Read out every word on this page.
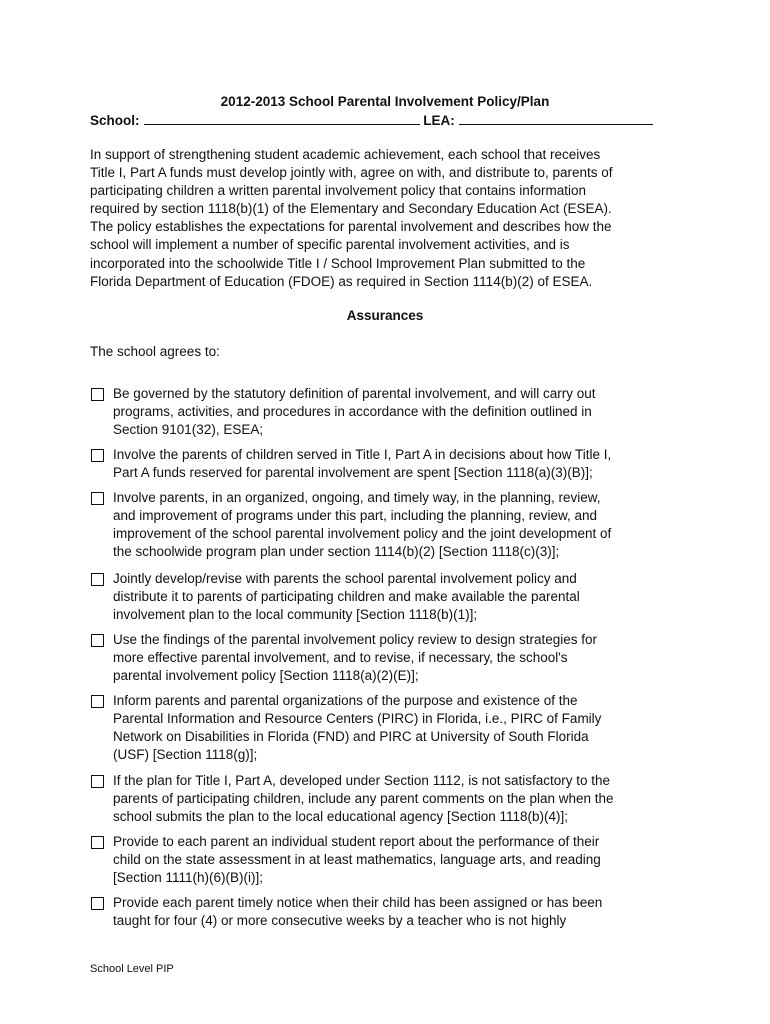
2012-2013 School Parental Involvement Policy/Plan
School:	LEA:
In support of strengthening student academic achievement, each school that receives
Title I, Part A funds must develop jointly with, agree on with, and distribute to, parents of
participating children a written parental involvement policy that contains information
required by section 1118(b)(1) of the Elementary and Secondary Education Act (ESEA).
The policy establishes the expectations for parental involvement and describes how the
school will implement a number of specific parental involvement activities, and is
incorporated into the schoolwide Title I / School Improvement Plan submitted to the
Florida Department of Education (FDOE) as required in Section 1114(b)(2) of ESEA.
Assurances
The school agrees to:
Be governed by the statutory definition of parental involvement, and will carry out
programs, activities, and procedures in accordance with the definition outlined in
Section 9101(32), ESEA;
Involve the parents of children served in Title I, Part A in decisions about how Title I,
Part A funds reserved for parental involvement are spent [Section 1118(a)(3)(B)];
Involve parents, in an organized, ongoing, and timely way, in the planning, review,
and improvement of programs under this part, including the planning, review, and
improvement of the school parental involvement policy and the joint development of
the schoolwide program plan under section 1114(b)(2) [Section 1118(c)(3)];
Jointly develop/revise with parents the school parental involvement policy and
distribute it to parents of participating children and make available the parental
involvement plan to the local community [Section 1118(b)(1)];
Use the findings of the parental involvement policy review to design strategies for
more effective parental involvement, and to revise, if necessary, the school's
parental involvement policy [Section 1118(a)(2)(E)];
Inform parents and parental organizations of the purpose and existence of the
Parental Information and Resource Centers (PIRC) in Florida, i.e., PIRC of Family
Network on Disabilities in Florida (FND) and PIRC at University of South Florida
(USF) [Section 1118(g)];
If the plan for Title I, Part A, developed under Section 1112, is not satisfactory to the
parents of participating children, include any parent comments on the plan when the
school submits the plan to the local educational agency [Section 1118(b)(4)];
Provide to each parent an individual student report about the performance of their
child on the state assessment in at least mathematics, language arts, and reading
[Section 1111(h)(6)(B)(i)];
Provide each parent timely notice when their child has been assigned or has been
taught for four (4) or more consecutive weeks by a teacher who is not highly
School Level PIP
